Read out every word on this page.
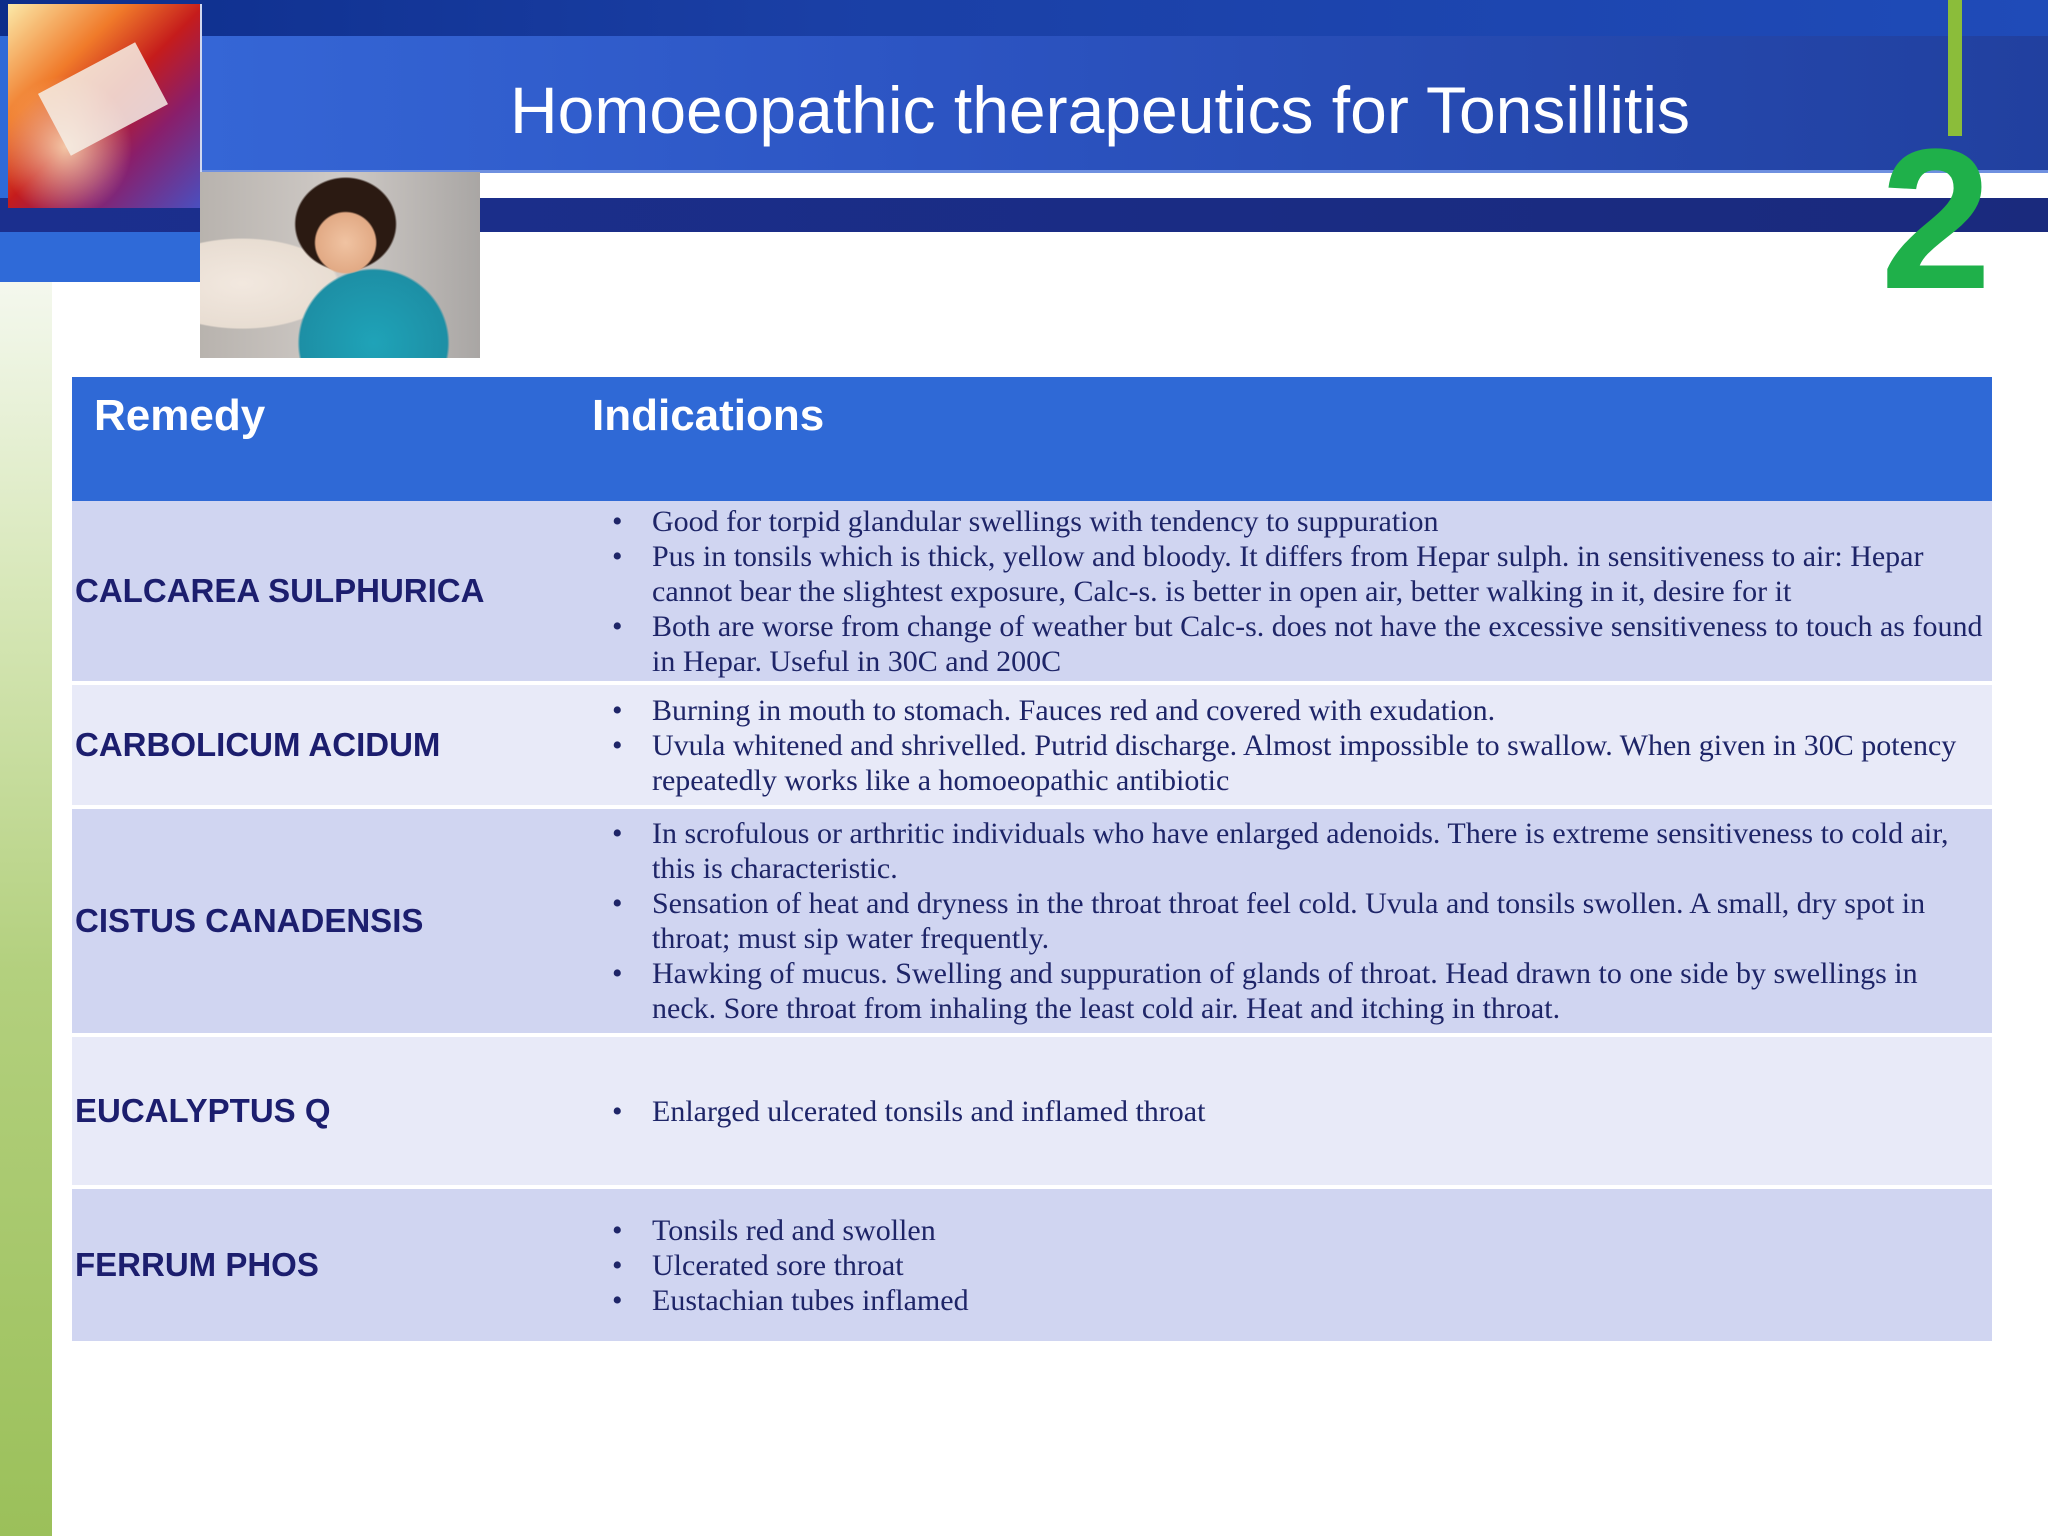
2
Homoeopathic therapeutics for Tonsillitis
Remedy	Indications
CALCAREA SULPHURICA
• Good for torpid glandular swellings with tendency to suppuration
• Pus in tonsils which is thick, yellow and bloody. It differs from Hepar sulph. in sensitiveness to air: Hepar cannot bear the slightest exposure, Calc-s. is better in open air, better walking in it, desire for it
• Both are worse from change of weather but Calc-s. does not have the excessive sensitiveness to touch as found in Hepar. Useful in 30C and 200C
CARBOLICUM ACIDUM
• Burning in mouth to stomach. Fauces red and covered with exudation.
• Uvula whitened and shrivelled. Putrid discharge. Almost impossible to swallow. When given in 30C potency repeatedly works like a homoeopathic antibiotic
CISTUS CANADENSIS
• In scrofulous or arthritic individuals who have enlarged adenoids. There is extreme sensitiveness to cold air, this is characteristic.
• Sensation of heat and dryness in the throat throat feel cold. Uvula and tonsils swollen. A small, dry spot in throat; must sip water frequently.
• Hawking of mucus. Swelling and suppuration of glands of throat. Head drawn to one side by swellings in neck. Sore throat from inhaling the least cold air. Heat and itching in throat.
EUCALYPTUS Q
•	Enlarged ulcerated tonsils and inflamed throat
FERRUM PHOS
• Tonsils red and swollen
• Ulcerated sore throat
• Eustachian tubes inflamed
